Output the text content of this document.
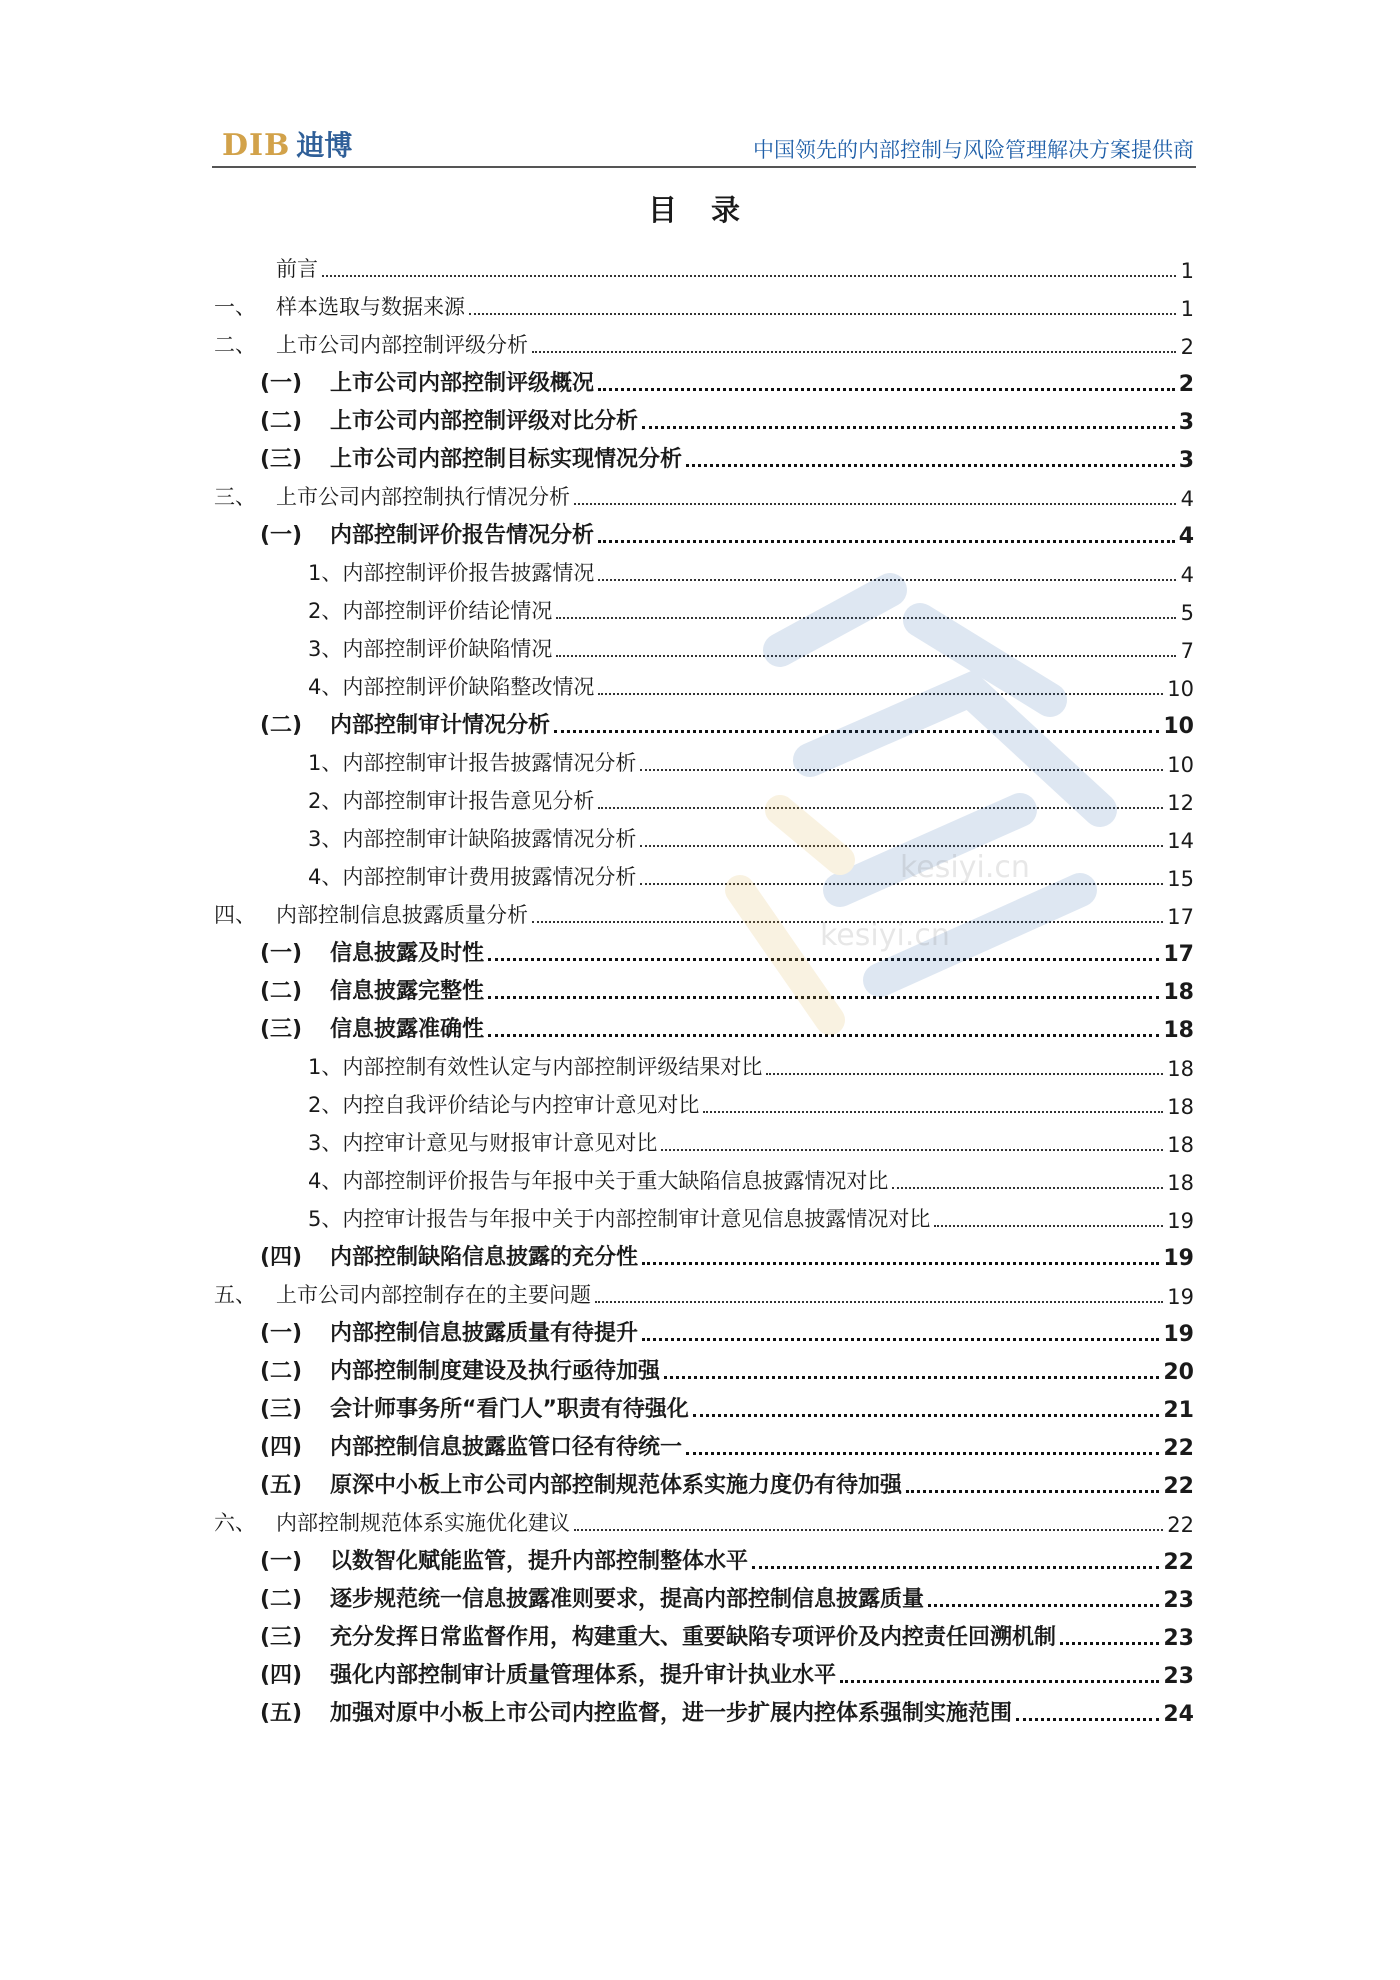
DIB 迪博	中国领先的内部控制与风险管理解决方案提供商
目 录
前言	1
一、 样本选取与数据来源	1
二、 上市公司内部控制评级分析	2
(一)	上市公司内部控制评级概况	2
(二)	上市公司内部控制评级对比分析	3
(三)	上市公司内部控制目标实现情况分析	3
三、 上市公司内部控制执行情况分析	4
(一)	内部控制评价报告情况分析	4
1、内部控制评价报告披露情况	4
2、内部控制评价结论情况	5
3、内部控制评价缺陷情况	7
4、内部控制评价缺陷整改情况	10
(二)	内部控制审计情况分析	10
1、内部控制审计报告披露情况分析	10
2、内部控制审计报告意见分析	12
3、内部控制审计缺陷披露情况分析	14
4、内部控制审计费用披露情况分析	15
四、 内部控制信息披露质量分析	17
(一)	信息披露及时性	17
(二)	信息披露完整性	18
(三)	信息披露准确性	18
1、内部控制有效性认定与内部控制评级结果对比	18
2、内控自我评价结论与内控审计意见对比	18
3、内控审计意见与财报审计意见对比	18
4、内部控制评价报告与年报中关于重大缺陷信息披露情况对比	18
5、内控审计报告与年报中关于内部控制审计意见信息披露情况对比	19
(四)	内部控制缺陷信息披露的充分性	19
五、 上市公司内部控制存在的主要问题	19
(一)	内部控制信息披露质量有待提升	19
(二)	内部控制制度建设及执行亟待加强	20
(三)	会计师事务所“看门人”职责有待强化	21
(四)	内部控制信息披露监管口径有待统一	22
(五)	原深中小板上市公司内部控制规范体系实施力度仍有待加强	22
六、 内部控制规范体系实施优化建议	22
(一)	以数智化赋能监管，提升内部控制整体水平	22
(二)	逐步规范统一信息披露准则要求，提高内部控制信息披露质量	23
(三)	充分发挥日常监督作用，构建重大、重要缺陷专项评价及内控责任回溯机制	23
(四)	强化内部控制审计质量管理体系，提升审计执业水平	23
(五)	加强对原中小板上市公司内控监督，进一步扩展内控体系强制实施范围	24
kesiyi.cn
kesiyi.cn
